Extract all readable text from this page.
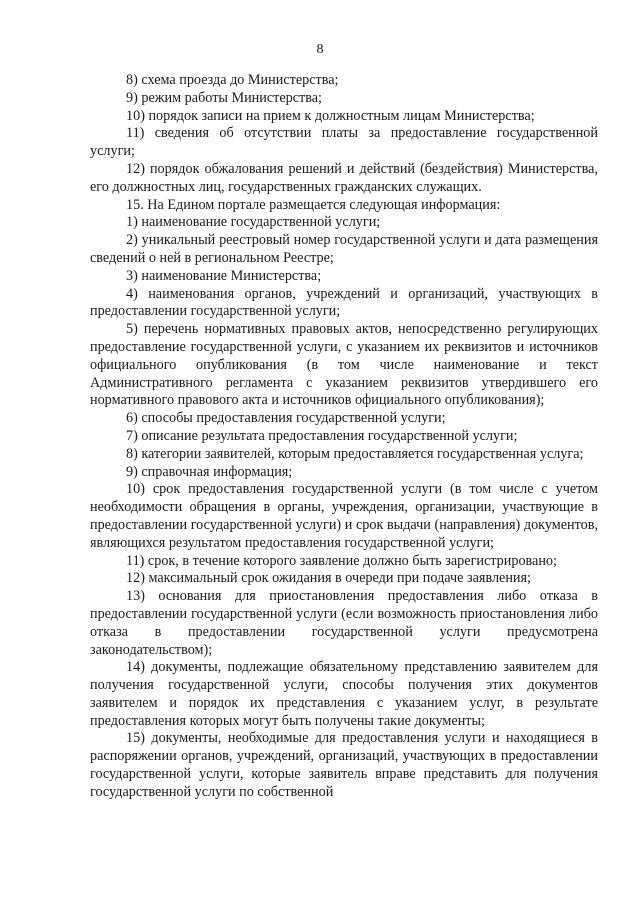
8

8) схема проезда до Министерства;

9) режим работы Министерства;

10) порядок записи на прием к должностным лицам Министерства;

11) сведения об отсутствии платы за предоставление государственной услуги;

12) порядок обжалования решений и действий (бездействия) Министерства, его должностных лиц, государственных гражданских служащих.

15. На Едином портале размещается следующая информация:

1) наименование государственной услуги;

2) уникальный реестровый номер государственной услуги и дата размещения сведений о ней в региональном Реестре;

3) наименование Министерства;

4) наименования органов, учреждений и организаций, участвующих в предоставлении государственной услуги;

5) перечень нормативных правовых актов, непосредственно регулирующих предоставление государственной услуги, с указанием их реквизитов и источников официального опубликования (в том числе наименование и текст Административного регламента с указанием реквизитов утвердившего его нормативного правового акта и источников официального опубликования);

6) способы предоставления государственной услуги;

7) описание результата предоставления государственной услуги;

8) категории заявителей, которым предоставляется государственная услуга;

9) справочная информация;

10) срок предоставления государственной услуги (в том числе с учетом необходимости обращения в органы, учреждения, организации, участвующие в предоставлении государственной услуги) и срок выдачи (направления) документов, являющихся результатом предоставления государственной услуги;

11) срок, в течение которого заявление должно быть зарегистрировано;

12) максимальный срок ожидания в очереди при подаче заявления;

13) основания для приостановления предоставления либо отказа в предоставлении государственной услуги (если возможность приостановления либо отказа в предоставлении государственной услуги предусмотрена законодательством);

14) документы, подлежащие обязательному представлению заявителем для получения государственной услуги, способы получения этих документов заявителем и порядок их представления с указанием услуг, в результате предоставления которых могут быть получены такие документы;

15) документы, необходимые для предоставления услуги и находящиеся в распоряжении органов, учреждений, организаций, участвующих в предоставлении государственной услуги, которые заявитель вправе представить для получения государственной услуги по собственной
